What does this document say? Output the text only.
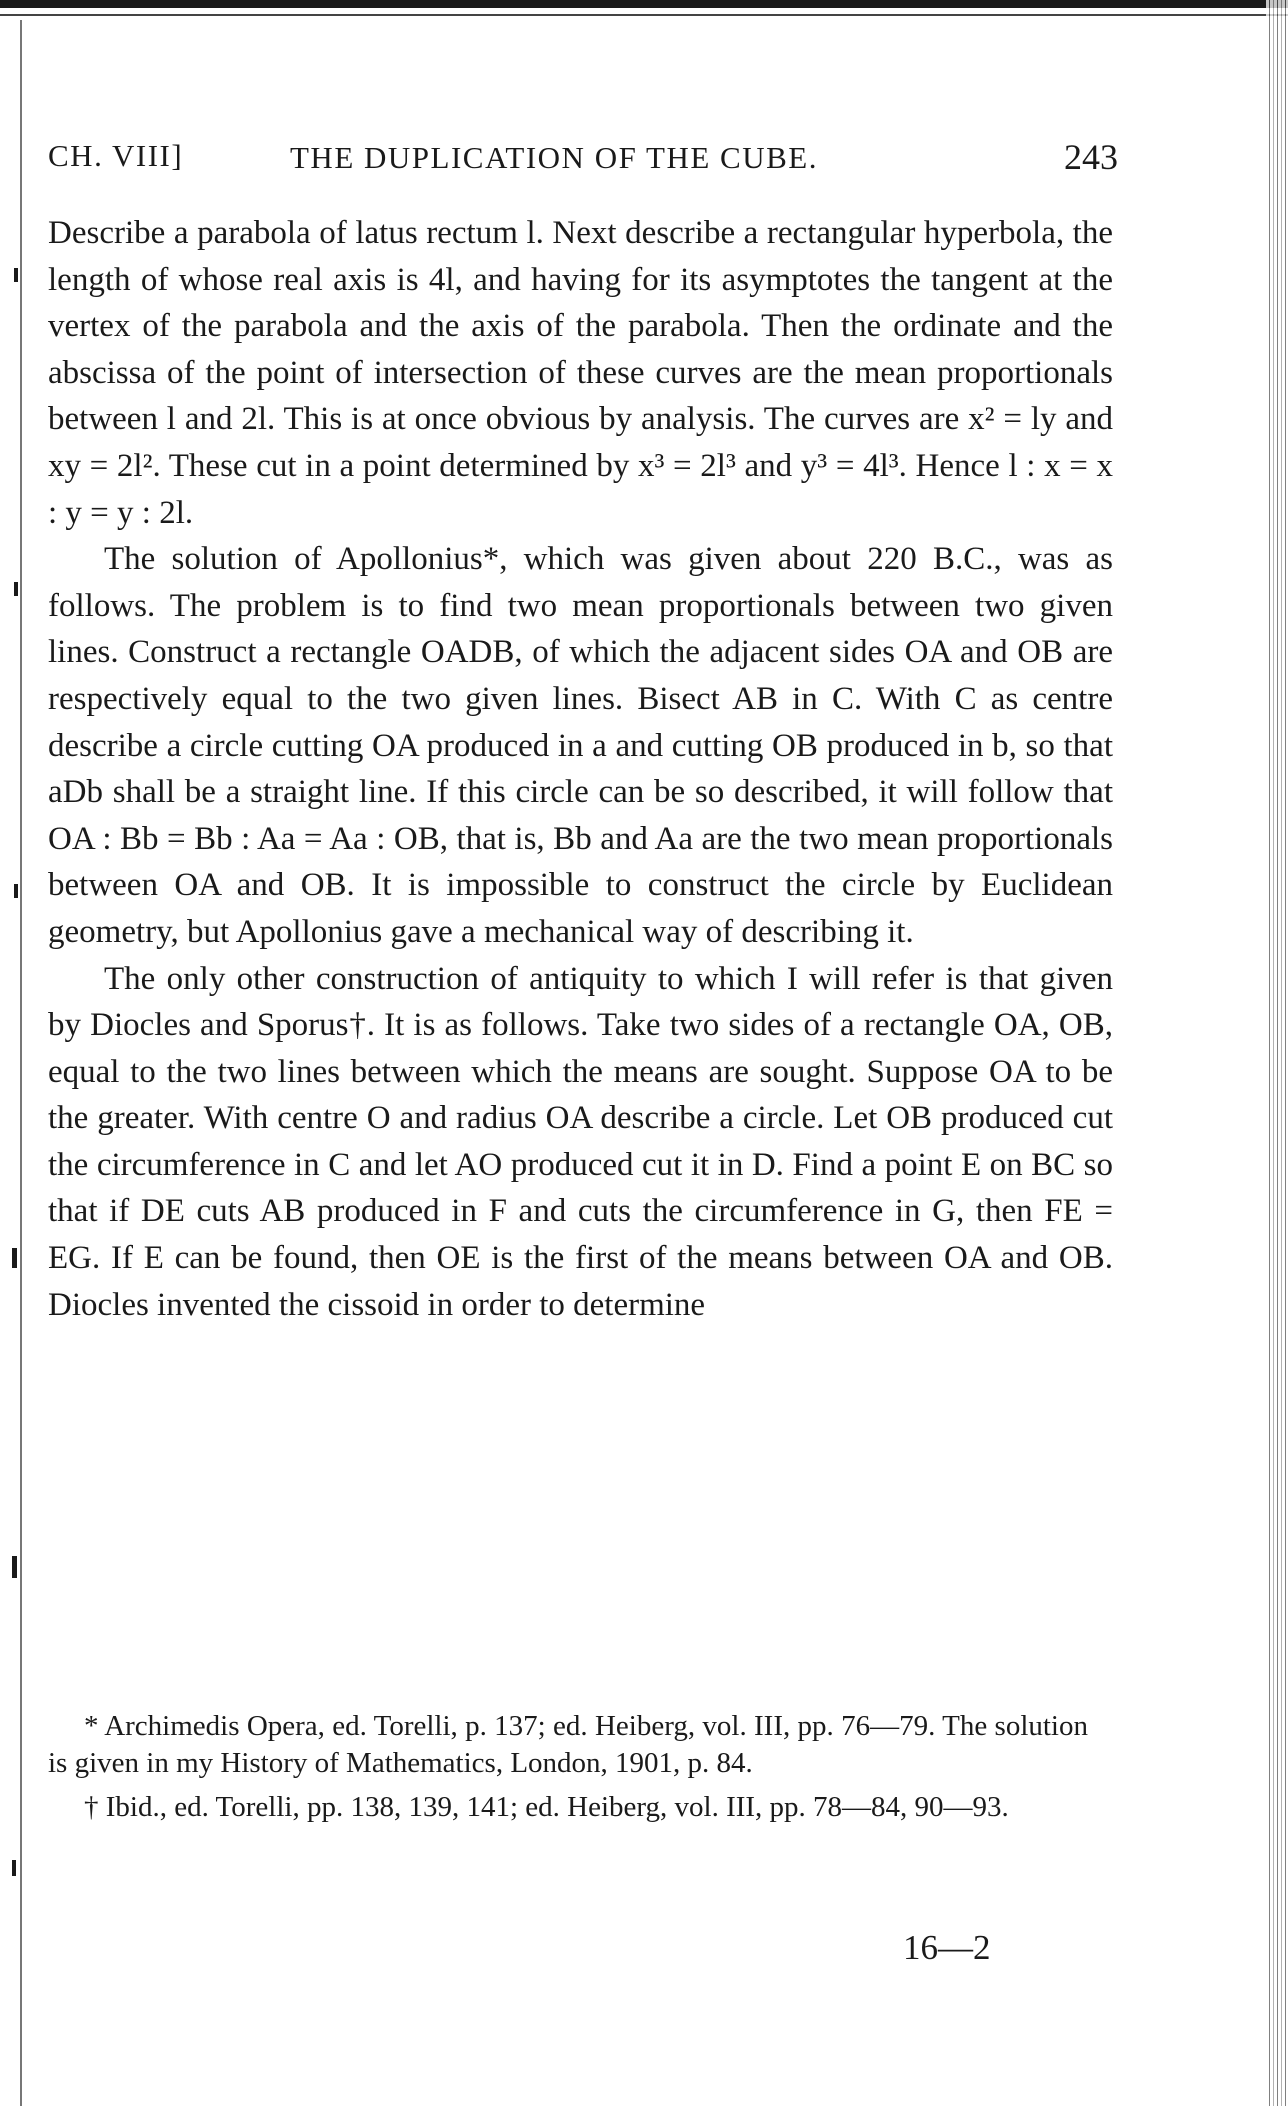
CH. VIII]	THE DUPLICATION OF THE CUBE.	243

Describe a parabola of latus rectum l. Next describe a rectangular hyperbola, the length of whose real axis is 4l, and having for its asymptotes the tangent at the vertex of the parabola and the axis of the parabola. Then the ordinate and the abscissa of the point of intersection of these curves are the mean proportionals between l and 2l. This is at once obvious by analysis. The curves are x² = ly and xy = 2l². These cut in a point determined by x³ = 2l³ and y³ = 4l³. Hence l : x = x : y = y : 2l.

The solution of Apollonius*, which was given about 220 B.C., was as follows. The problem is to find two mean proportionals between two given lines. Construct a rectangle OADB, of which the adjacent sides OA and OB are respectively equal to the two given lines. Bisect AB in C. With C as centre describe a circle cutting OA produced in a and cutting OB produced in b, so that aDb shall be a straight line. If this circle can be so described, it will follow that OA : Bb = Bb : Aa = Aa : OB, that is, Bb and Aa are the two mean proportionals between OA and OB. It is impossible to construct the circle by Euclidean geometry, but Apollonius gave a mechanical way of describing it.

The only other construction of antiquity to which I will refer is that given by Diocles and Sporus†. It is as follows. Take two sides of a rectangle OA, OB, equal to the two lines between which the means are sought. Suppose OA to be the greater. With centre O and radius OA describe a circle. Let OB produced cut the circumference in C and let AO produced cut it in D. Find a point E on BC so that if DE cuts AB produced in F and cuts the circumference in G, then FE = EG. If E can be found, then OE is the first of the means between OA and OB. Diocles invented the cissoid in order to determine

* Archimedis Opera, ed. Torelli, p. 137; ed. Heiberg, vol. III, pp. 76—79. The solution is given in my History of Mathematics, London, 1901, p. 84.

† Ibid., ed. Torelli, pp. 138, 139, 141; ed. Heiberg, vol. III, pp. 78—84, 90—93.

16—2
